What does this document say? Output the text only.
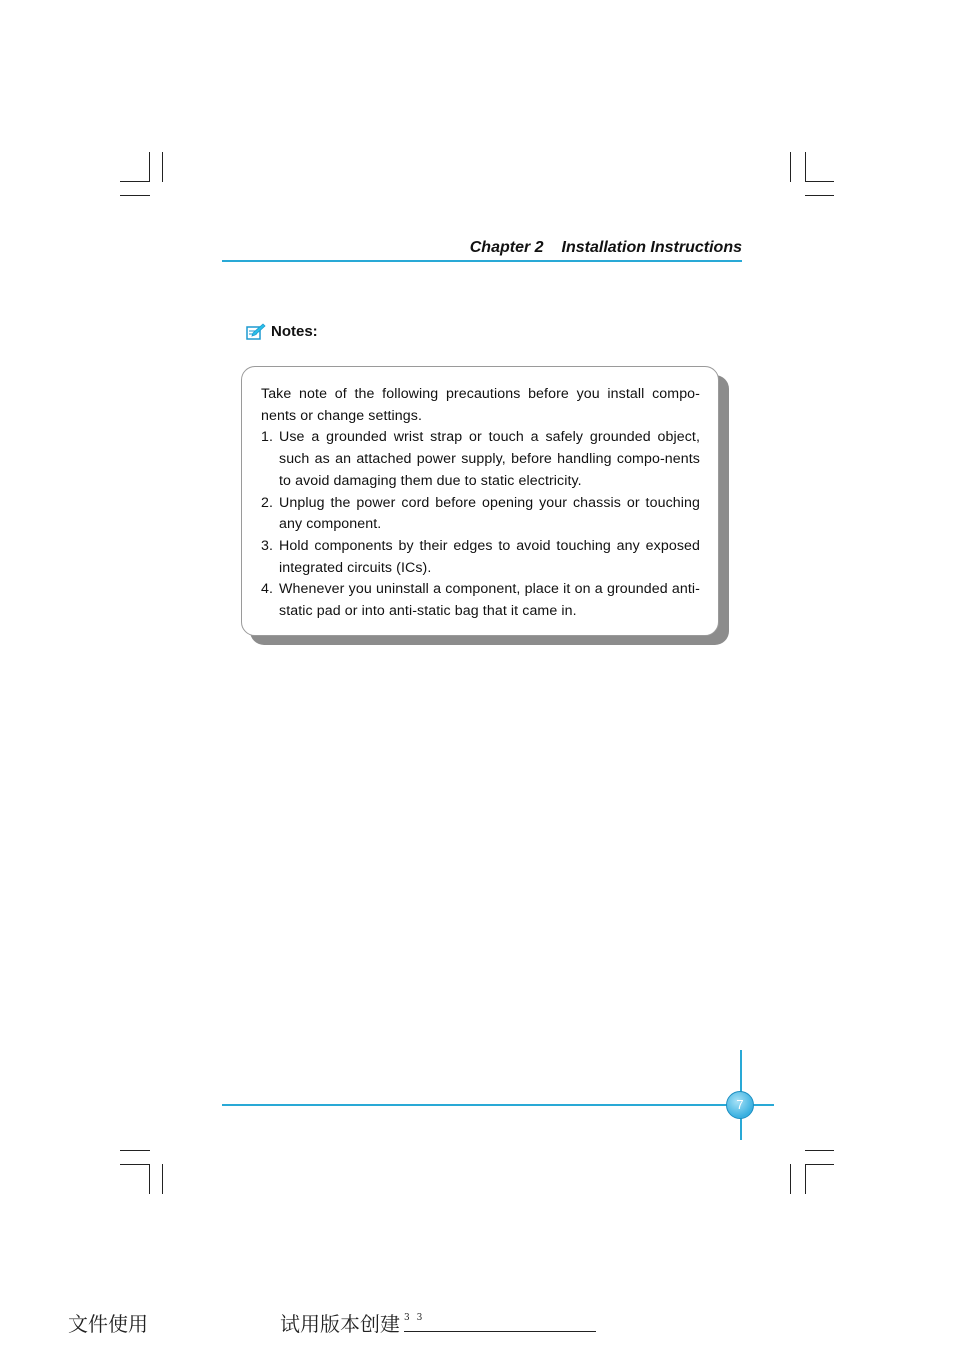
Chapter 2 Installation Instructions
Notes:

Take note of the following precautions before you install compo-nents or change settings.

1. Use a grounded wrist strap or touch a safely grounded object, such as an attached power supply, before handling compo-nents to avoid damaging them due to static electricity.
2. Unplug the power cord before opening your chassis or touching any component.
3. Hold components by their edges to avoid touching any exposed integrated circuits (ICs).
4. Whenever you uninstall a component, place it on a grounded anti-static pad or into anti-static bag that it came in.
7
文件使用	试用版本创建 3 3
